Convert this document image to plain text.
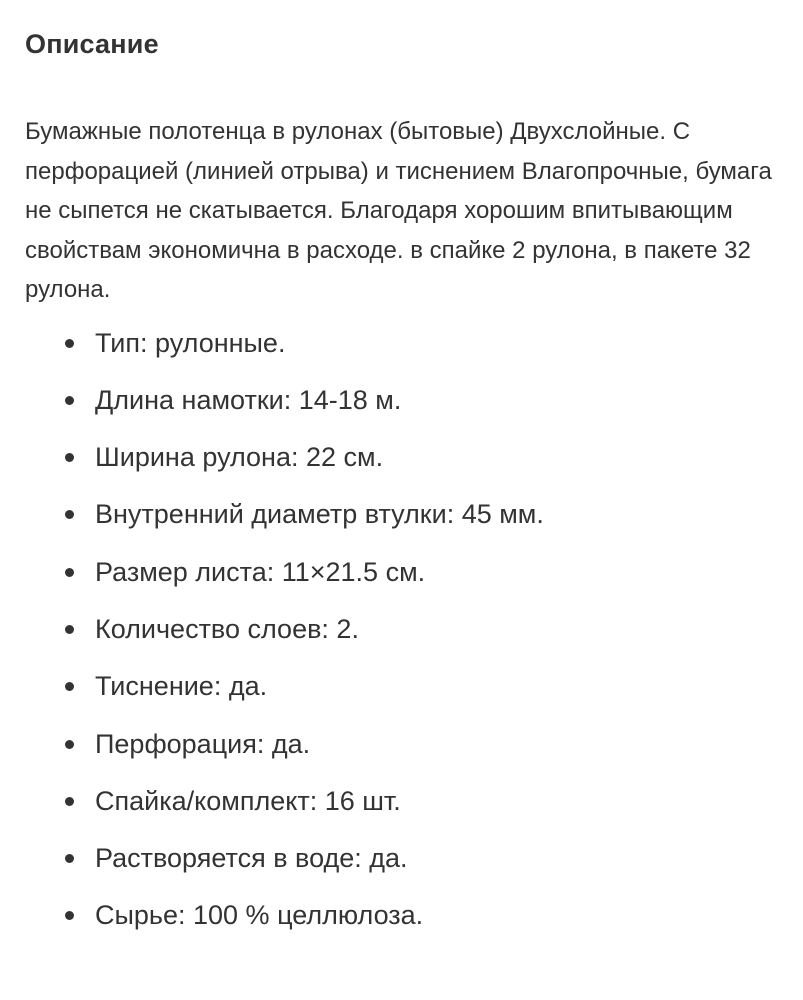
Описание

Бумажные полотенца в рулонах (бытовые) Двухслойные. С перфорацией (линией отрыва) и тиснением Влагопрочные, бумага не сыпется не скатывается. Благодаря хорошим впитывающим свойствам экономична в расходе. в спайке 2 рулона, в пакете 32 рулона.

Тип: рулонные.
Длина намотки: 14-18 м.
Ширина рулона: 22 см.
Внутренний диаметр втулки: 45 мм.
Размер листа: 11×21.5 см.
Количество слоев: 2.
Тиснение: да.
Перфорация: да.
Спайка/комплект: 16 шт.
Растворяется в воде: да.
Сырье: 100 % целлюлоза.
